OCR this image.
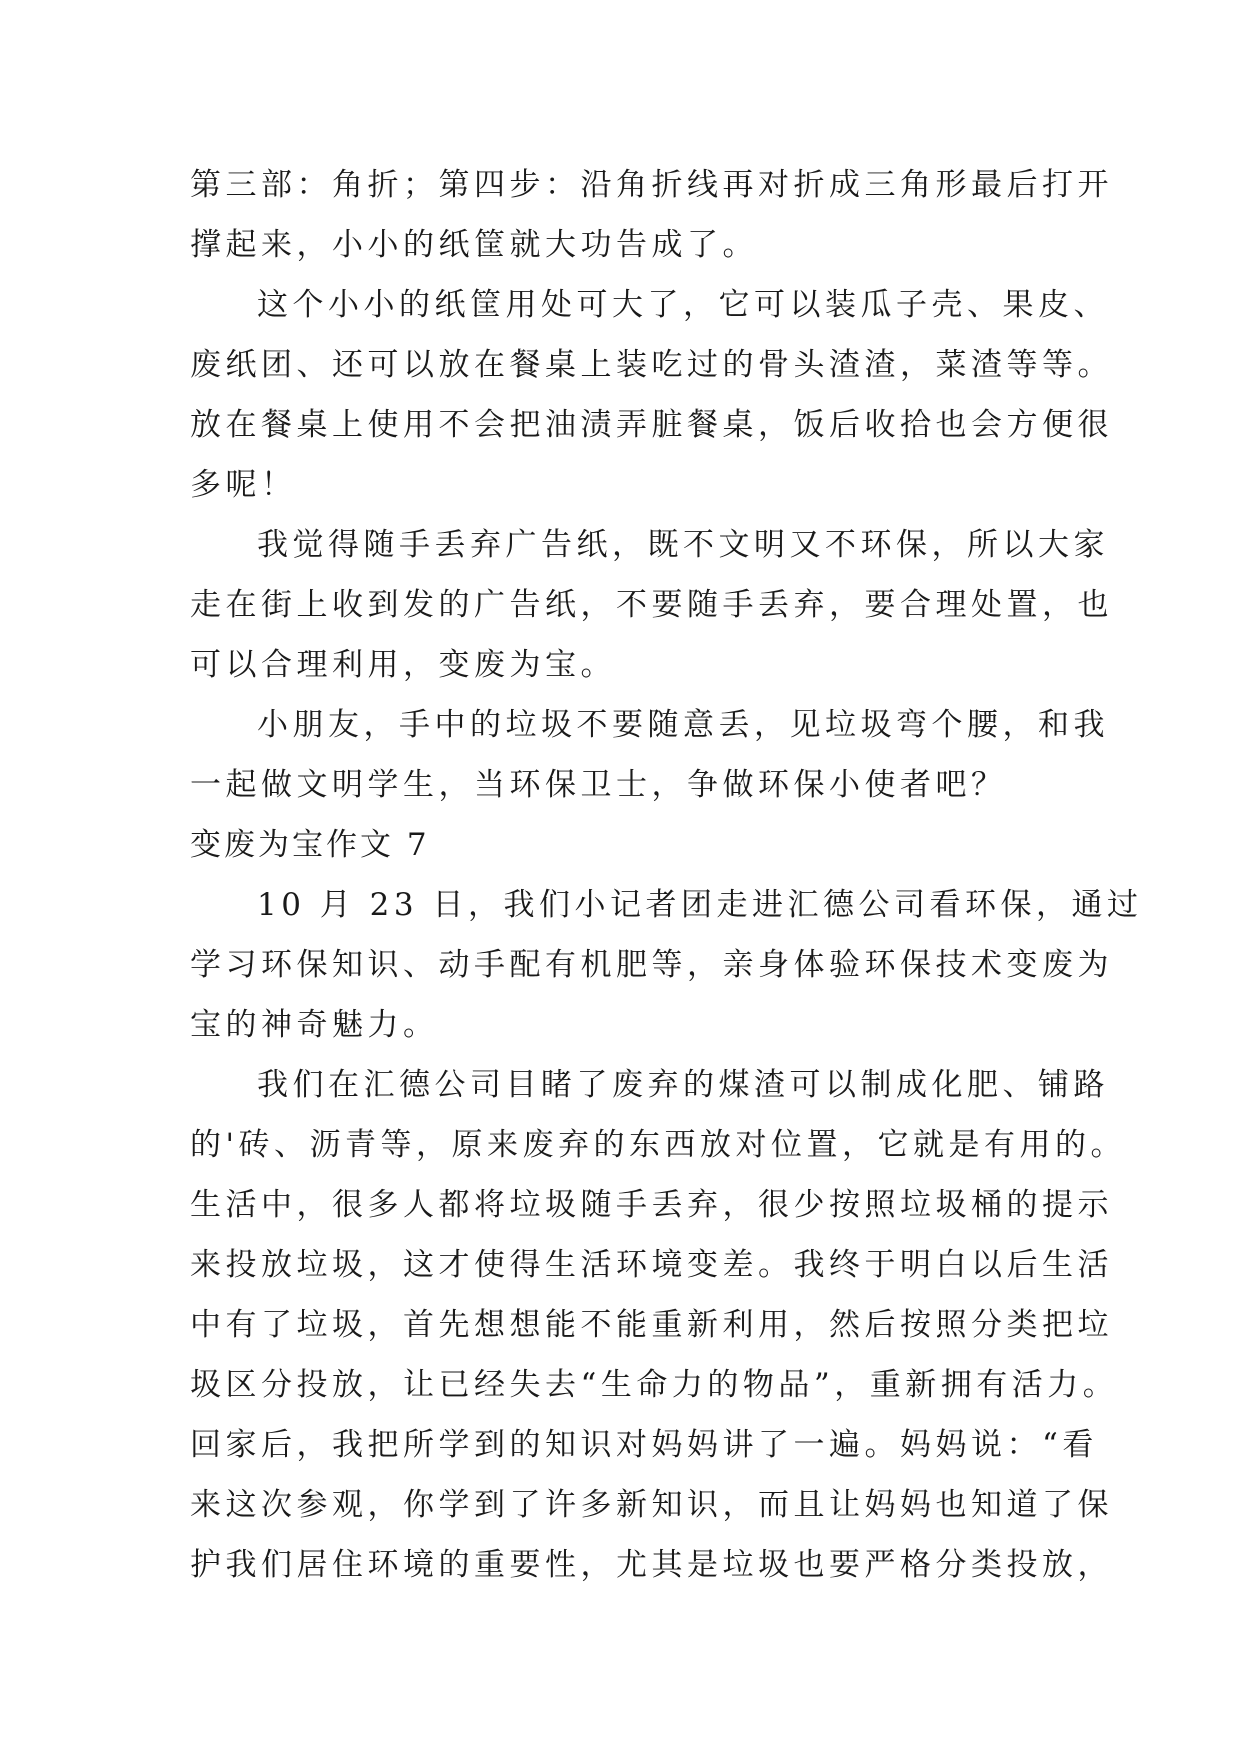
第三部：角折；第四步：沿角折线再对折成三角形最后打开
撑起来，小小的纸筐就大功告成了。
这个小小的纸筐用处可大了，它可以装瓜子壳、果皮、
废纸团、还可以放在餐桌上装吃过的骨头渣渣，菜渣等等。
放在餐桌上使用不会把油渍弄脏餐桌，饭后收拾也会方便很
多呢！
我觉得随手丢弃广告纸，既不文明又不环保，所以大家
走在街上收到发的广告纸，不要随手丢弃，要合理处置，也
可以合理利用，变废为宝。
小朋友，手中的垃圾不要随意丢，见垃圾弯个腰，和我
一起做文明学生，当环保卫士，争做环保小使者吧？
变废为宝作文 7
10 月 23 日，我们小记者团走进汇德公司看环保，通过
学习环保知识、动手配有机肥等，亲身体验环保技术变废为
宝的神奇魅力。
我们在汇德公司目睹了废弃的煤渣可以制成化肥、铺路
的'砖、沥青等，原来废弃的东西放对位置，它就是有用的。
生活中，很多人都将垃圾随手丢弃，很少按照垃圾桶的提示
来投放垃圾，这才使得生活环境变差。我终于明白以后生活
中有了垃圾，首先想想能不能重新利用，然后按照分类把垃
圾区分投放，让已经失去“生命力的物品”，重新拥有活力。
回家后，我把所学到的知识对妈妈讲了一遍。妈妈说：“看
来这次参观，你学到了许多新知识，而且让妈妈也知道了保
护我们居住环境的重要性，尤其是垃圾也要严格分类投放，
